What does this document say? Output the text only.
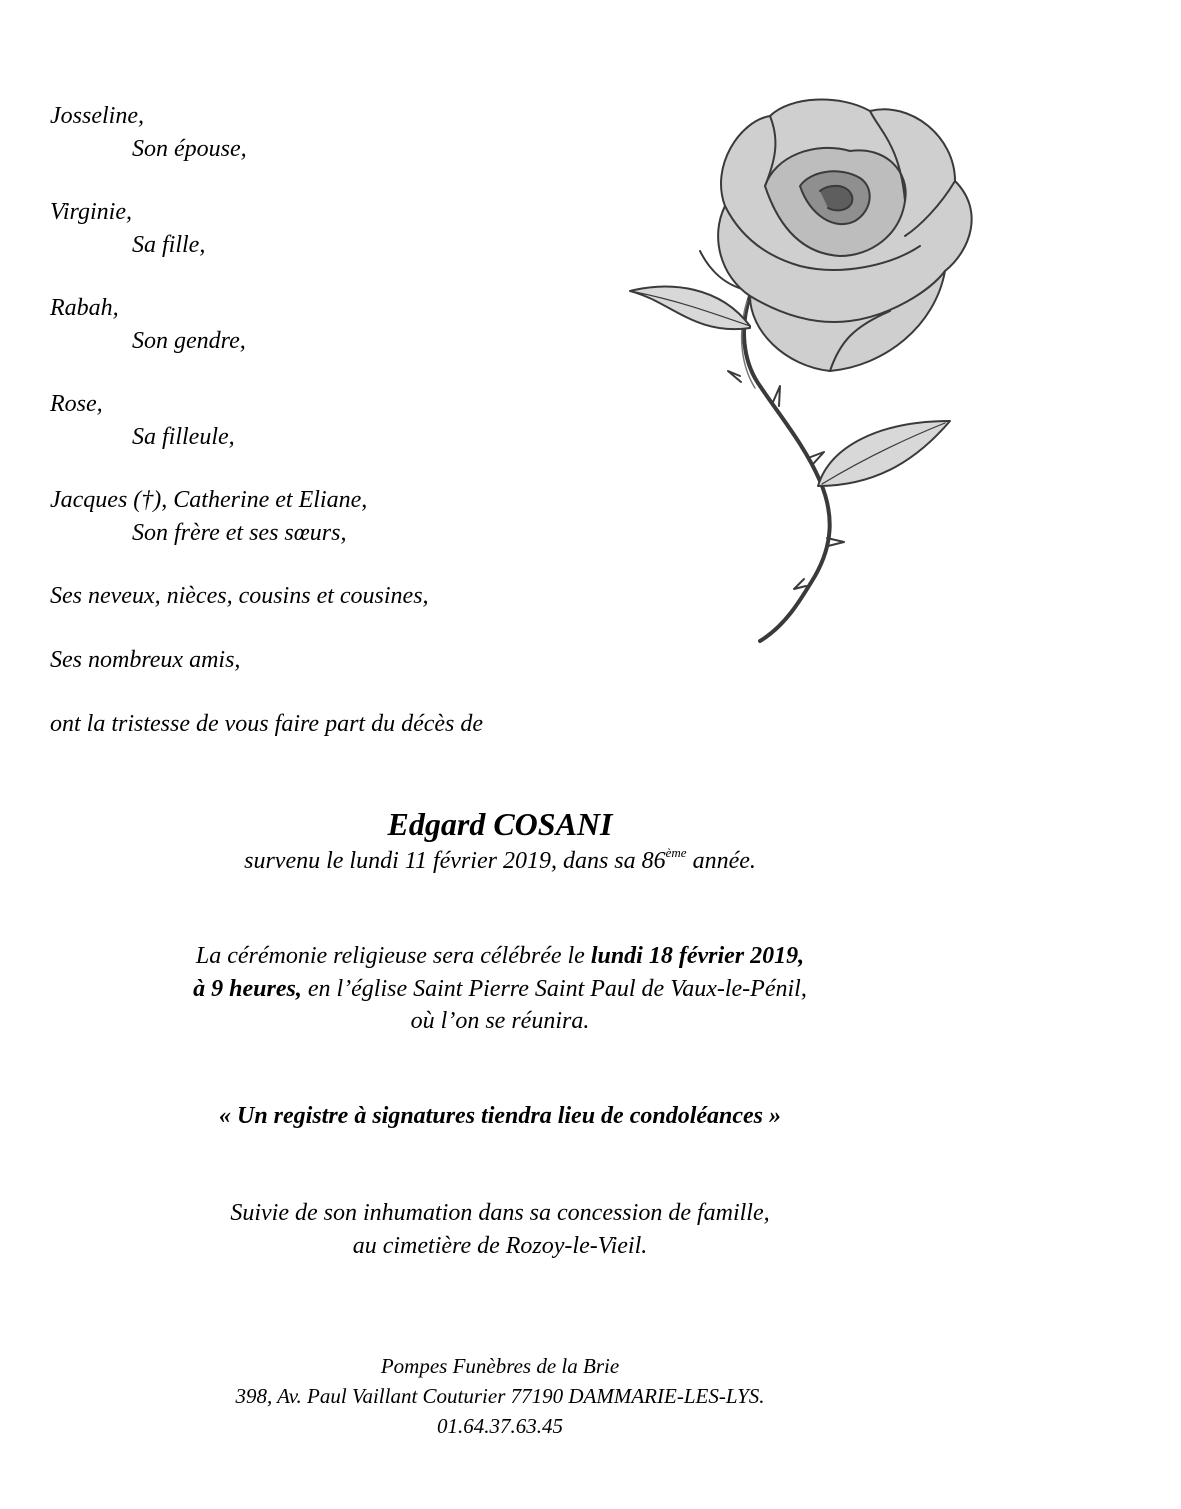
Josseline,
Son épouse,
Virginie,
Sa fille,
Rabah,
Son gendre,
Rose,
Sa filleule,
Jacques (†), Catherine et Eliane,
Son frère et ses sœurs,
Ses neveux, nièces, cousins et cousines,
Ses nombreux amis,
ont la tristesse de vous faire part du décès de
Edgard COSANI
survenu le lundi 11 février 2019, dans sa 86ème année.
La cérémonie religieuse sera célébrée le lundi 18 février 2019,
à 9 heures, en l’église Saint Pierre Saint Paul de Vaux-le-Pénil,
où l’on se réunira.
« Un registre à signatures tiendra lieu de condoléances »
Suivie de son inhumation dans sa concession de famille,
au cimetière de Rozoy-le-Vieil.
Pompes Funèbres de la Brie
398, Av. Paul Vaillant Couturier 77190 DAMMARIE-LES-LYS.
01.64.37.63.45
